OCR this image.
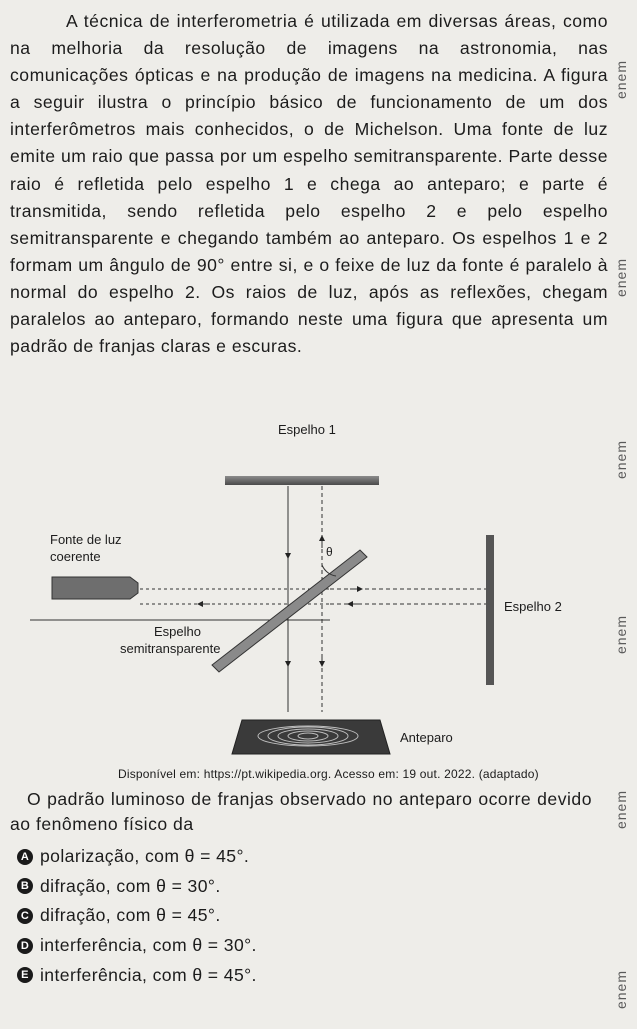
A técnica de interferometria é utilizada em diversas áreas, como na melhoria da resolução de imagens na astronomia, nas comunicações ópticas e na produção de imagens na medicina. A figura a seguir ilustra o princípio básico de funcionamento de um dos interferômetros mais conhecidos, o de Michelson. Uma fonte de luz emite um raio que passa por um espelho semitransparente. Parte desse raio é refletida pelo espelho 1 e chega ao anteparo; e parte é transmitida, sendo refletida pelo espelho 2 e pelo espelho semitransparente e chegando também ao anteparo. Os espelhos 1 e 2 formam um ângulo de 90° entre si, e o feixe de luz da fonte é paralelo à normal do espelho 2. Os raios de luz, após as reflexões, chegam paralelos ao anteparo, formando neste uma figura que apresenta um padrão de franjas claras e escuras.
enem
enem
enem
enem
enem
enem
Espelho 1
Fonte de luz
coerente
Espelho 2
θ
Espelho
semitransparente
Anteparo
Disponível em: https://pt.wikipedia.org. Acesso em: 19 out. 2022. (adaptado)
O padrão luminoso de franjas observado no anteparo ocorre devido ao fenômeno físico da
A polarização, com θ = 45°.
B difração, com θ = 30°.
C difração, com θ = 45°.
D interferência, com θ = 30°.
E interferência, com θ = 45°.
